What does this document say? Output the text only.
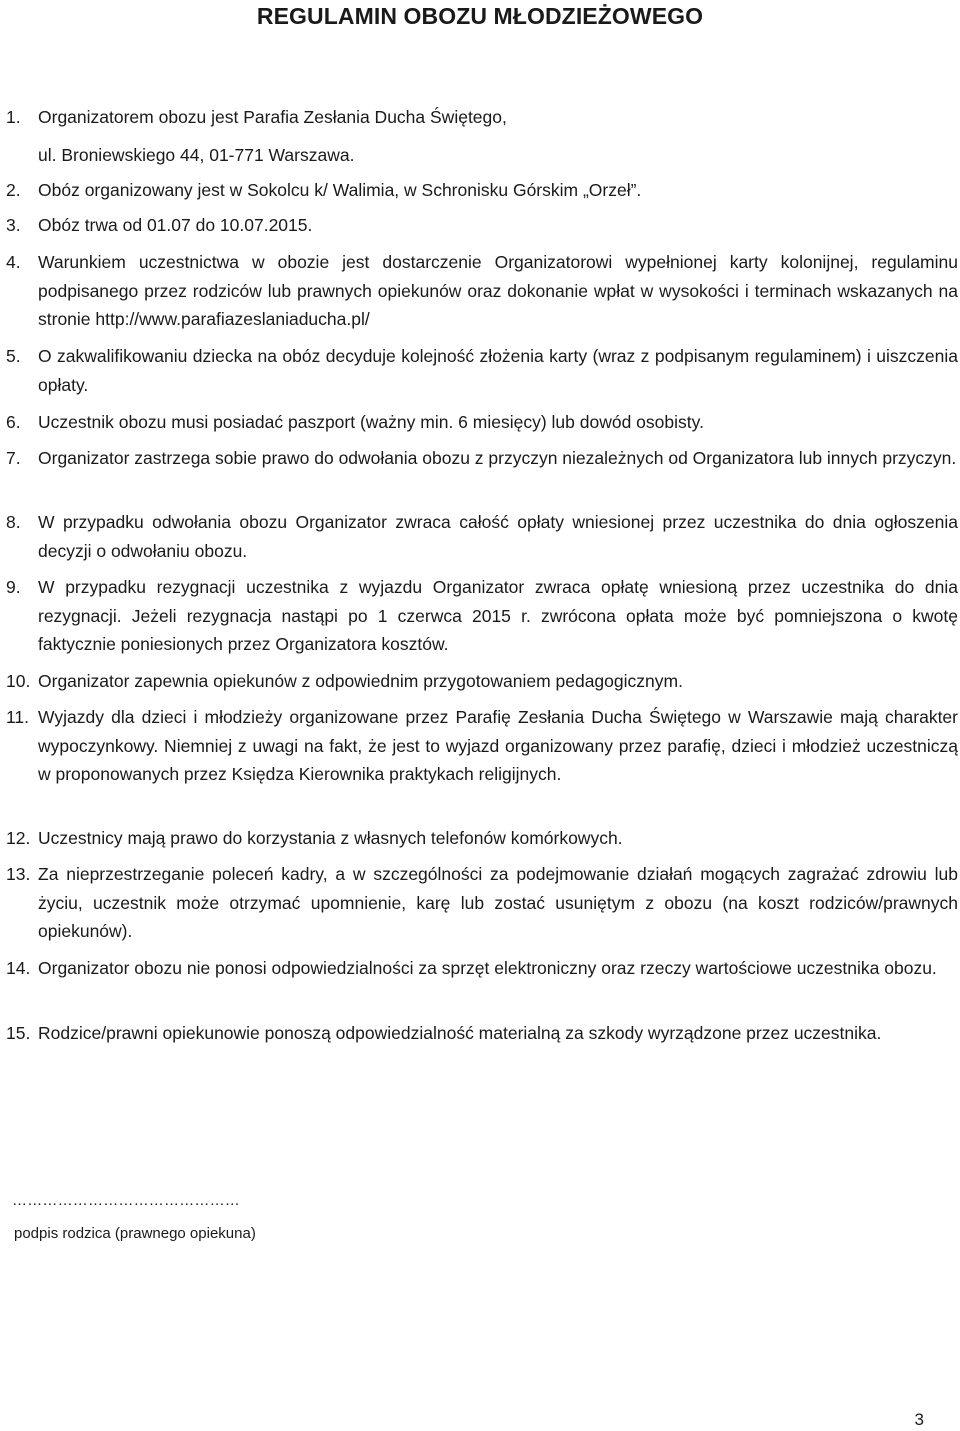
REGULAMIN OBOZU MŁODZIEŻOWEGO
1. Organizatorem obozu jest Parafia Zesłania Ducha Świętego,
ul. Broniewskiego 44, 01-771 Warszawa.
2. Obóz organizowany jest w Sokolcu k/ Walimia, w Schronisku Górskim „Orzeł”.
3. Obóz trwa od 01.07 do 10.07.2015.
4. Warunkiem uczestnictwa w obozie jest dostarczenie Organizatorowi wypełnionej karty kolonijnej, regulaminu podpisanego przez rodziców lub prawnych opiekunów oraz dokonanie wpłat w wysokości i terminach wskazanych na stronie http://www.parafiazeslaniaducha.pl/
5. O zakwalifikowaniu dziecka na obóz decyduje kolejność złożenia karty (wraz z podpisanym regulaminem) i uiszczenia opłaty.
6. Uczestnik obozu musi posiadać paszport (ważny min. 6 miesięcy) lub dowód osobisty.
7. Organizator zastrzega sobie prawo do odwołania obozu z przyczyn niezależnych od Organizatora lub innych przyczyn.
8. W przypadku odwołania obozu Organizator zwraca całość opłaty wniesionej przez uczestnika do dnia ogłoszenia decyzji o odwołaniu obozu.
9. W przypadku rezygnacji uczestnika z wyjazdu Organizator zwraca opłatę wniesioną przez uczestnika do dnia rezygnacji. Jeżeli rezygnacja nastąpi po 1 czerwca 2015 r. zwrócona opłata może być pomniejszona o kwotę faktycznie poniesionych przez Organizatora kosztów.
10. Organizator zapewnia opiekunów z odpowiednim przygotowaniem pedagogicznym.
11. Wyjazdy dla dzieci i młodzieży organizowane przez Parafię Zesłania Ducha Świętego w Warszawie mają charakter wypoczynkowy. Niemniej z uwagi na fakt, że jest to wyjazd organizowany przez parafię, dzieci i młodzież uczestniczą w proponowanych przez Księdza Kierownika praktykach religijnych.
12. Uczestnicy mają prawo do korzystania z własnych telefonów komórkowych.
13. Za nieprzestrzeganie poleceń kadry, a w szczególności za podejmowanie działań mogących zagrażać zdrowiu lub życiu, uczestnik może otrzymać upomnienie, karę lub zostać usuniętym z obozu (na koszt rodziców/prawnych opiekunów).
14. Organizator obozu nie ponosi odpowiedzialności za sprzęt elektroniczny oraz rzeczy wartościowe uczestnika obozu.
15. Rodzice/prawni opiekunowie ponoszą odpowiedzialność materialną za szkody wyrządzone przez uczestnika.
………………………………………
podpis rodzica (prawnego opiekuna)
3
